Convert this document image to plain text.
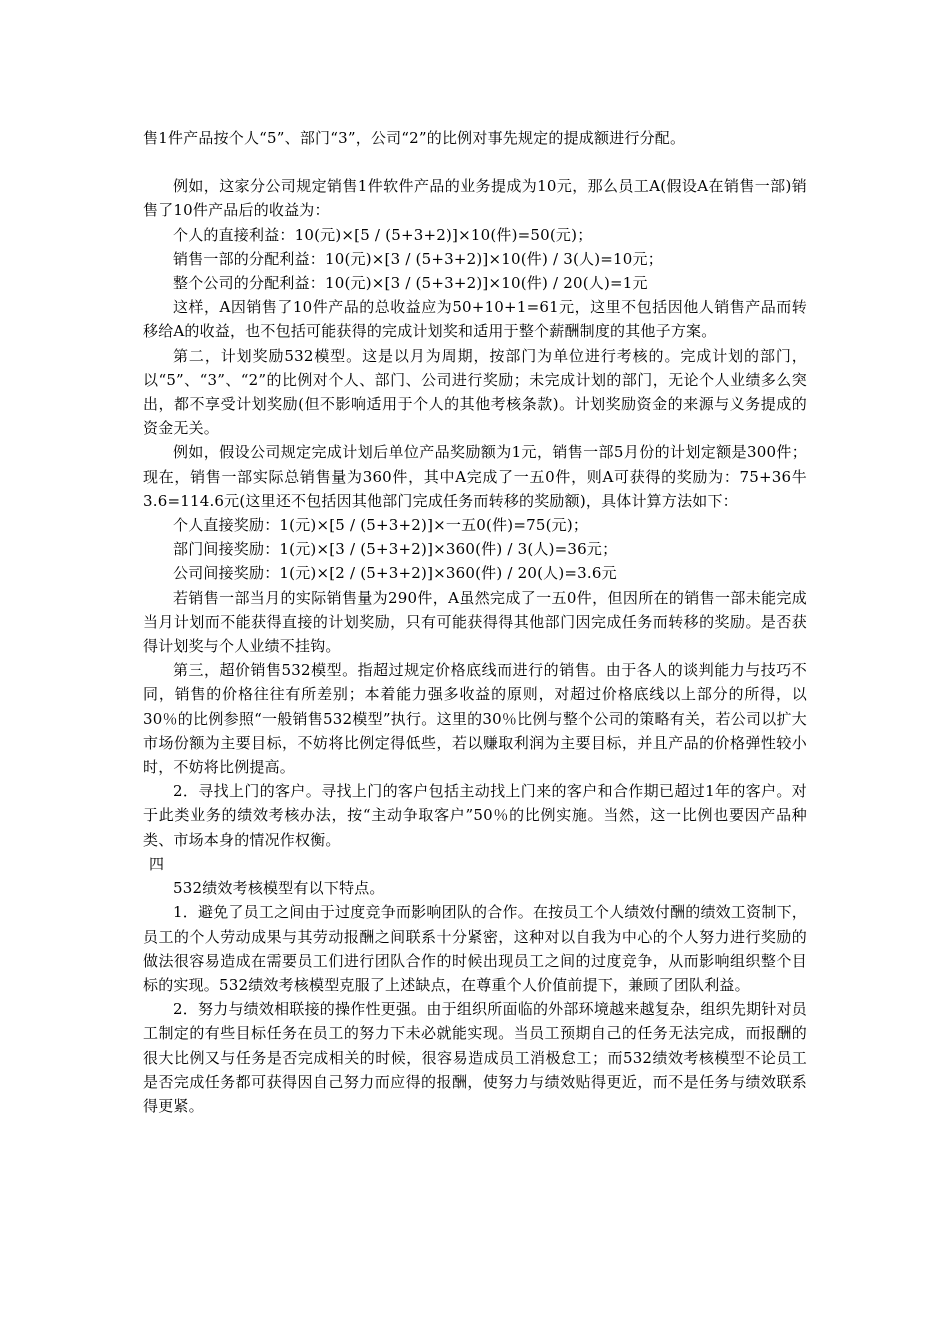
售1件产品按个人“5”、部门“3”，公司“2”的比例对事先规定的提成额进行分配。

例如，这家分公司规定销售1件软件产品的业务提成为10元，那么员工A(假设A在销售一部)销售了10件产品后的收益为：

个人的直接利益：10(元)×[5 / (5+3+2)]×10(件)=50(元)；

销售一部的分配利益：10(元)×[3 / (5+3+2)]×10(件) / 3(人)=10元；

整个公司的分配利益：10(元)×[3 / (5+3+2)]×10(件) / 20(人)=1元

这样，A因销售了10件产品的总收益应为50+10+1=61元，这里不包括因他人销售产品而转移给A的收益，也不包括可能获得的完成计划奖和适用于整个薪酬制度的其他子方案。

第二，计划奖励532模型。这是以月为周期，按部门为单位进行考核的。完成计划的部门，以“5”、“3”、“2”的比例对个人、部门、公司进行奖励；未完成计划的部门，无论个人业绩多么突出，都不享受计划奖励(但不影响适用于个人的其他考核条款)。计划奖励资金的来源与义务提成的资金无关。

例如，假设公司规定完成计划后单位产品奖励额为1元，销售一部5月份的计划定额是300件；现在，销售一部实际总销售量为360件，其中A完成了一五0件，则A可获得的奖励为：75+36牛3.6=114.6元(这里还不包括因其他部门完成任务而转移的奖励额)，具体计算方法如下：

个人直接奖励：1(元)×[5 / (5+3+2)]×一五0(件)=75(元)；

部门间接奖励：1(元)×[3 / (5+3+2)]×360(件) / 3(人)=36元；

公司间接奖励：1(元)×[2 / (5+3+2)]×360(件) / 20(人)=3.6元

若销售一部当月的实际销售量为290件，A虽然完成了一五0件，但因所在的销售一部未能完成当月计划而不能获得直接的计划奖励，只有可能获得得其他部门因完成任务而转移的奖励。是否获得计划奖与个人业绩不挂钩。

第三，超价销售532模型。指超过规定价格底线而进行的销售。由于各人的谈判能力与技巧不同，销售的价格往往有所差别；本着能力强多收益的原则，对超过价格底线以上部分的所得，以30％的比例参照“一般销售532模型”执行。这里的30％比例与整个公司的策略有关，若公司以扩大市场份额为主要目标，不妨将比例定得低些，若以赚取利润为主要目标，并且产品的价格弹性较小时，不妨将比例提高。

2．寻找上门的客户。寻找上门的客户包括主动找上门来的客户和合作期已超过1年的客户。对于此类业务的绩效考核办法，按“主动争取客户”50％的比例实施。当然，这一比例也要因产品种类、市场本身的情况作权衡。

四

532绩效考核模型有以下特点。

1．避免了员工之间由于过度竞争而影响团队的合作。在按员工个人绩效付酬的绩效工资制下，员工的个人劳动成果与其劳动报酬之间联系十分紧密，这种对以自我为中心的个人努力进行奖励的做法很容易造成在需要员工们进行团队合作的时候出现员工之间的过度竞争，从而影响组织整个目标的实现。532绩效考核模型克服了上述缺点，在尊重个人价值前提下，兼顾了团队利益。

2．努力与绩效相联接的操作性更强。由于组织所面临的外部环境越来越复杂，组织先期针对员工制定的有些目标任务在员工的努力下未必就能实现。当员工预期自己的任务无法完成，而报酬的很大比例又与任务是否完成相关的时候，很容易造成员工消极怠工；而532绩效考核模型不论员工是否完成任务都可获得因自己努力而应得的报酬，使努力与绩效贴得更近，而不是任务与绩效联系得更紧。
